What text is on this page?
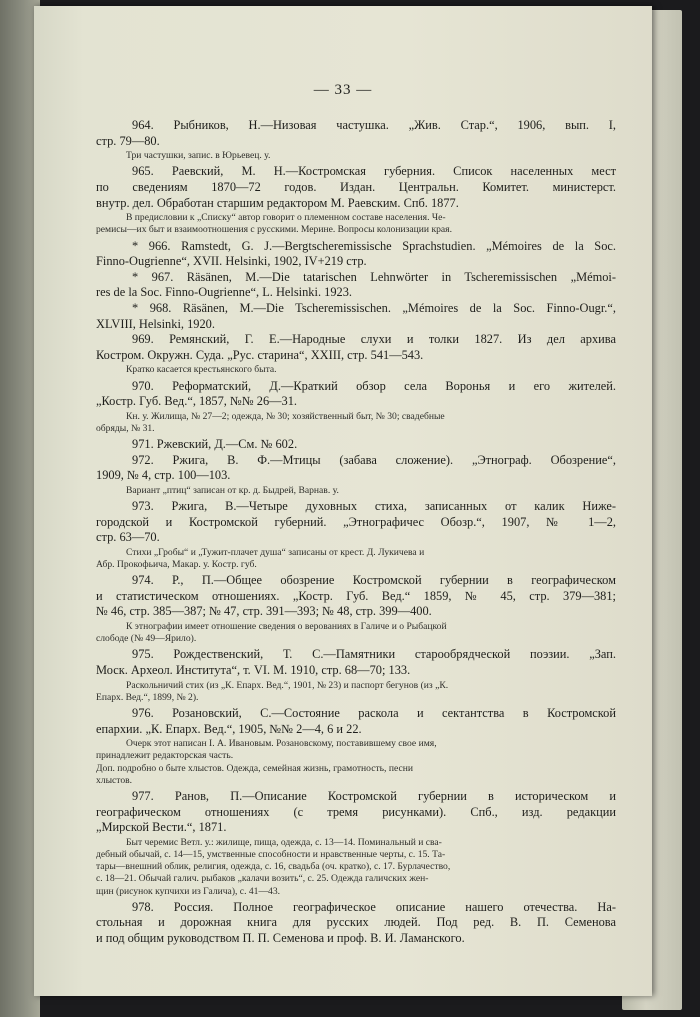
— 33 —
964. Рыбников, Н.—Низовая частушка. „Жив. Стар.“, 1906, вып. I,
стр. 79—80.
Три частушки, запис. в Юрьевец. у.
965. Раевский, М. Н.—Костромская губерния. Список населенных мест
по сведениям 1870—72 годов. Издан. Центральн. Комитет. министерст.
внутр. дел. Обработан старшим редактором М. Раевским. Спб. 1877.
В предисловии к „Списку“ автор говорит о племенном составе населения. Че-
ремисы—их быт и взаимоотношения с русскими. Мерине. Вопросы колонизации края.
* 966. Ramstedt, G. J.—Bergtscheremissische Sprachstudien. „Mémoires de la Soc.
Finno-Ougrienne“, XVII. Helsinki, 1902, IV+219 стр.
* 967. Räsänen, M.—Die tatarischen Lehnwörter in Tscheremissischen „Mémoi-
res de la Soc. Finno-Ougrienne“, L. Helsinki. 1923.
* 968. Räsänen, M.—Die Tscheremissischen. „Mémoires de la Soc. Finno-Ougr.“,
XLVIII, Helsinki, 1920.
969. Ремянский, Г. Е.—Народные слухи и толки 1827. Из дел архива
Костром. Окружн. Суда. „Рус. старина“, XXIII, стр. 541—543.
Кратко касается крестьянского быта.
970. Реформатский, Д.—Краткий обзор села Воронья и его жителей.
„Костр. Губ. Вед.“, 1857, №№ 26—31.
Кн. у. Жилища, № 27—2; одежда, № 30; хозяйственный быт, № 30; свадебные
обряды, № 31.
971. Ржевский, Д.—См. № 602.
972. Ржига, В. Ф.—Мтицы (забава сложение). „Этнограф. Обозрение“,
1909, № 4, стр. 100—103.
Вариант „птиц“ записан от кр. д. Быдрей, Варнав. у.
973. Ржига, В.—Четыре духовных стиха, записанных от калик Ниже-
городской и Костромской губерний. „Этнографичес Обозр.“, 1907, № 1—2,
стр. 63—70.
Стихи „Гробы“ и „Тужит-плачет душа“ записаны от крест. Д. Лукичева и
Абр. Прокофьича, Макар. у. Костр. губ.
974. Р., П.—Общее обозрение Костромской губернии в географическом
и статистическом отношениях. „Костр. Губ. Вед.“ 1859, № 45, стр. 379—381;
№ 46, стр. 385—387; № 47, стр. 391—393; № 48, стр. 399—400.
К этнографии имеет отношение сведения о верованиях в Галиче и о Рыбацкой
слободе (№ 49—Ярило).
975. Рождественский, Т. С.—Памятники старообрядческой поэзии. „Зап.
Моск. Археол. Института“, т. VI. М. 1910, стр. 68—70; 133.
Раскольничий стих (из „К. Епарх. Вед.“, 1901, № 23) и паспорт бегунов (из „К.
Епарх. Вед.“, 1899, № 2).
976. Розановский, С.—Состояние раскола и сектантства в Костромской
епархии. „К. Епарх. Вед.“, 1905, №№ 2—4, 6 и 22.
Очерк этот написан I. А. Ивановым. Розановскому, поставившему свое имя,
принадлежит редакторская часть.
Доп. подробно о быте хлыстов. Одежда, семейная жизнь, грамотность, песни
хлыстов.
977. Ранов, П.—Описание Костромской губернии в историческом и
географическом отношениях (с тремя рисунками). Спб., изд. редакции
„Мирской Вести.“, 1871.
Быт черемис Ветл. у.: жилище, пища, одежда, с. 13—14. Поминальный и сва-
дебный обычай, с. 14—15, умственные способности и нравственные черты, с. 15. Та-
тары—внешний облик, религия, одежда, с. 16, свадьба (оч. кратко), с. 17. Бурлачество,
с. 18—21. Обычай галич. рыбаков „калачи возить“, с. 25. Одежда галичских жен-
щин (рисунок купчихи из Галича), с. 41—43.
978. Россия. Полное географическое описание нашего отечества. На-
стольная и дорожная книга для русских людей. Под ред. В. П. Семенова
и под общим руководством П. П. Семенова и проф. В. И. Ламанского.
